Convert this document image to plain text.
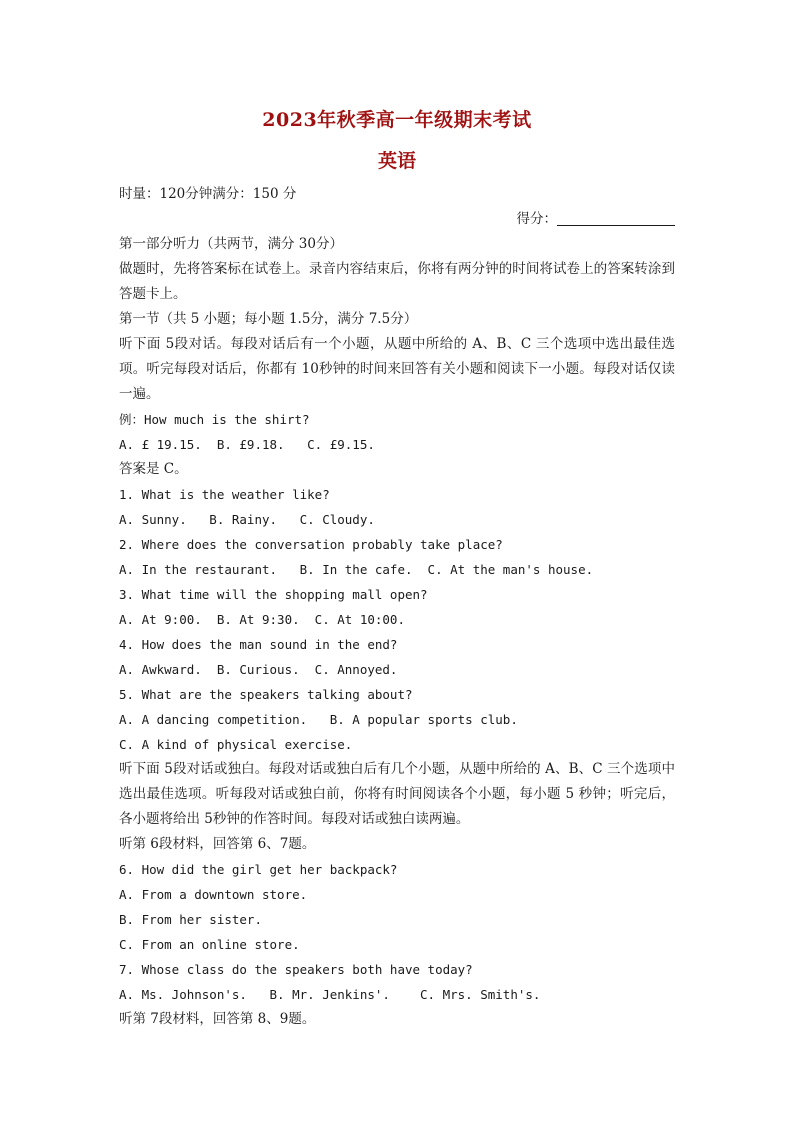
2023年秋季高一年级期末考试
英语
时量：120分钟满分：150 分
得分：
第一部分听力（共两节，满分 30分）
做题时，先将答案标在试卷上。录音内容结束后，你将有两分钟的时间将试卷上的答案转涂到答题卡上。
第一节（共 5 小题；每小题 1.5分，满分 7.5分）
听下面 5段对话。每段对话后有一个小题，从题中所给的 A、B、C 三个选项中选出最佳选项。听完每段对话后，你都有 10秒钟的时间来回答有关小题和阅读下一小题。每段对话仅读一遍。
例：How much is the shirt?
A. £ 19.15.  B. £9.18.   C. £9.15.
答案是 C。
1. What is the weather like?
A. Sunny.   B. Rainy.   C. Cloudy.
2. Where does the conversation probably take place?
A. In the restaurant.   B. In the cafe.  C. At the man's house.
3. What time will the shopping mall open?
A. At 9:00.  B. At 9:30.  C. At 10:00.
4. How does the man sound in the end?
A. Awkward.  B. Curious.  C. Annoyed.
5. What are the speakers talking about?
A. A dancing competition.   B. A popular sports club.
C. A kind of physical exercise.
听下面 5段对话或独白。每段对话或独白后有几个小题，从题中所给的 A、B、C 三个选项中选出最佳选项。听每段对话或独白前，你将有时间阅读各个小题，每小题 5 秒钟；听完后，各小题将给出 5秒钟的作答时间。每段对话或独白读两遍。
听第 6段材料，回答第 6、7题。
6. How did the girl get her backpack?
A. From a downtown store.
B. From her sister.
C. From an online store.
7. Whose class do the speakers both have today?
A. Ms. Johnson's.   B. Mr. Jenkins'.    C. Mrs. Smith's.
听第 7段材料，回答第 8、9题。
